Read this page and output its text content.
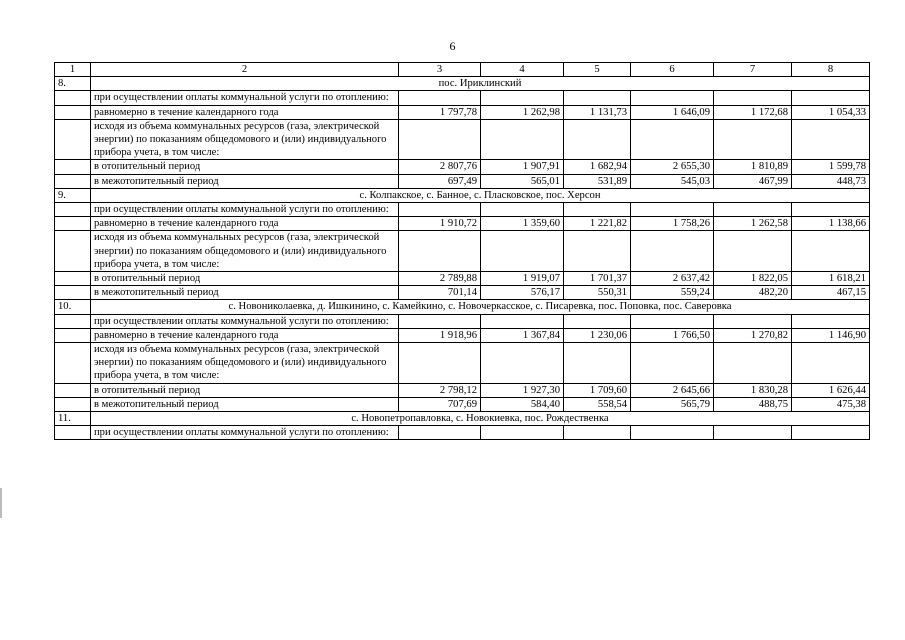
6
1	2	3	4	5	6	7	8
8.	пос. Ириклинский						
	при осуществлении оплаты коммунальной услуги по отоплению:						
	равномерно в течение календарного года	1 797,78	1 262,98	1 131,73	1 646,09	1 172,68	1 054,33
	исходя из объема коммунальных ресурсов (газа, электрической энергии) по показаниям общедомового и (или) индивидуального прибора учета, в том числе:						
	в отопительный период	2 807,76	1 907,91	1 682,94	2 655,30	1 810,89	1 599,78
	в межотопительный период	697,49	565,01	531,89	545,03	467,99	448,73
9.	с. Колпакское, с. Банное, с. Пласковское, пос. Херсон						
	при осуществлении оплаты коммунальной услуги по отоплению:						
	равномерно в течение календарного года	1 910,72	1 359,60	1 221,82	1 758,26	1 262,58	1 138,66
	исходя из объема коммунальных ресурсов (газа, электрической энергии) по показаниям общедомового и (или) индивидуального прибора учета, в том числе:						
	в отопительный период	2 789,88	1 919,07	1 701,37	2 637,42	1 822,05	1 618,21
	в межотопительный период	701,14	576,17	550,31	559,24	482,20	467,15
10.	с. Новониколаевка, д. Ишкинино, с. Камейкино, с. Новочеркасское, с. Писаревка, пос. Поповка, пос. Саверовка						
	при осуществлении оплаты коммунальной услуги по отоплению:						
	равномерно в течение календарного года	1 918,96	1 367,84	1 230,06	1 766,50	1 270,82	1 146,90
	исходя из объема коммунальных ресурсов (газа, электрической энергии) по показаниям общедомового и (или) индивидуального прибора учета, в том числе:						
	в отопительный период	2 798,12	1 927,30	1 709,60	2 645,66	1 830,28	1 626,44
	в межотопительный период	707,69	584,40	558,54	565,79	488,75	475,38
11.	с. Новопетропавловка, с. Новокиевка, пос. Рождественка						
	при осуществлении оплаты коммунальной услуги по отоплению:						
